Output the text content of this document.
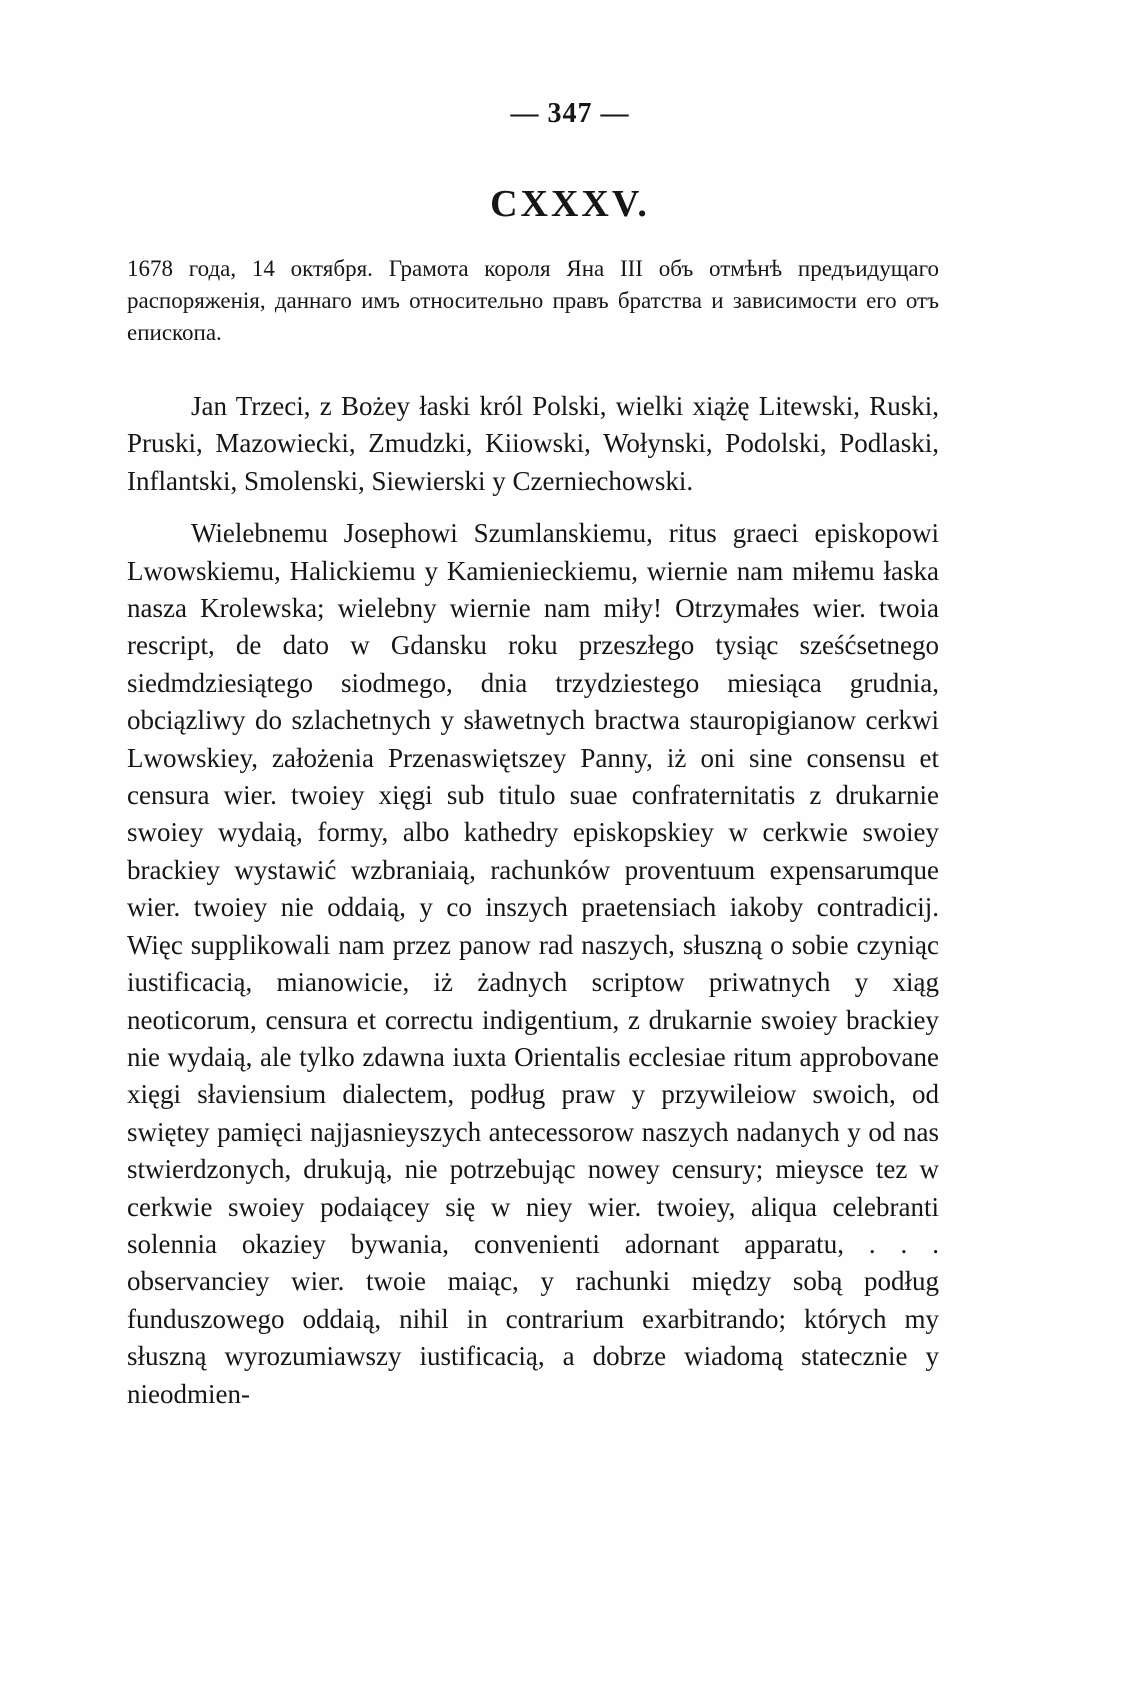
— 347 —

CXXXV.

1678 года, 14 октября. Грамота короля Яна III объ отмѣнѣ предъидущаго распоряженія, даннаго имъ относительно правъ братства и зависимости его отъ епископа.

Jan Trzeci, z Bożey łaski król Polski, wielki xiążę Litewski, Ruski, Pruski, Mazowiecki, Zmudzki, Kiiowski, Wołynski, Podolski, Podlaski, Inflantski, Smolenski, Siewierski y Czerniechowski.

Wielebnemu Josephowi Szumlanskiemu, ritus graeci episkopowi Lwowskiemu, Halickiemu y Kamienieckiemu, wiernie nam miłemu łaska nasza Krolewska; wielebny wiernie nam miły! Otrzymałes wier. twoia rescript, de dato w Gdansku roku przeszłego tysiąc sześćsetnego siedmdziesiątego siodmego, dnia trzydziestego miesiąca grudnia, obciązliwy do szlachetnych y sławetnych bractwa stauropigianow cerkwi Lwowskiey, założenia Przenaswiętszey Panny, iż oni sine consensu et censura wier. twoiey xięgi sub titulo suae confraternitatis z drukarnie swoiey wydaią, formy, albo kathedry episkopskiey w cerkwie swoiey brackiey wystawić wzbraniaią, rachunków proventuum expensarumque wier. twoiey nie oddaią, y co inszych praetensiach iakoby contradicij. Więc supplikowali nam przez panow rad naszych, słuszną o sobie czyniąc iustificacią, mianowicie, iż żadnych scriptow priwatnych y xiąg neoticorum, censura et correctu indigentium, z drukarnie swoiey brackiey nie wydaią, ale tylko zdawna iuxta Orientalis ecclesiae ritum approbovane xięgi słaviensium dialectem, podług praw y przywileiow swoich, od swiętey pamięci najjasnieyszych antecessorow naszych nadanych y od nas stwierdzonych, drukują, nie potrzebując nowey censury; mieysce tez w cerkwie swoiey podaiącey się w niey wier. twoiey, aliqua celebranti solennia okaziey bywania, convenienti adornant apparatu, . . . observanciey wier. twoie maiąc, y rachunki między sobą podług funduszowego oddaią, nihil in contrarium exarbitrando; których my słuszną wyrozumiawszy iustificacią, a dobrze wiadomą statecznie y nieodmien-
